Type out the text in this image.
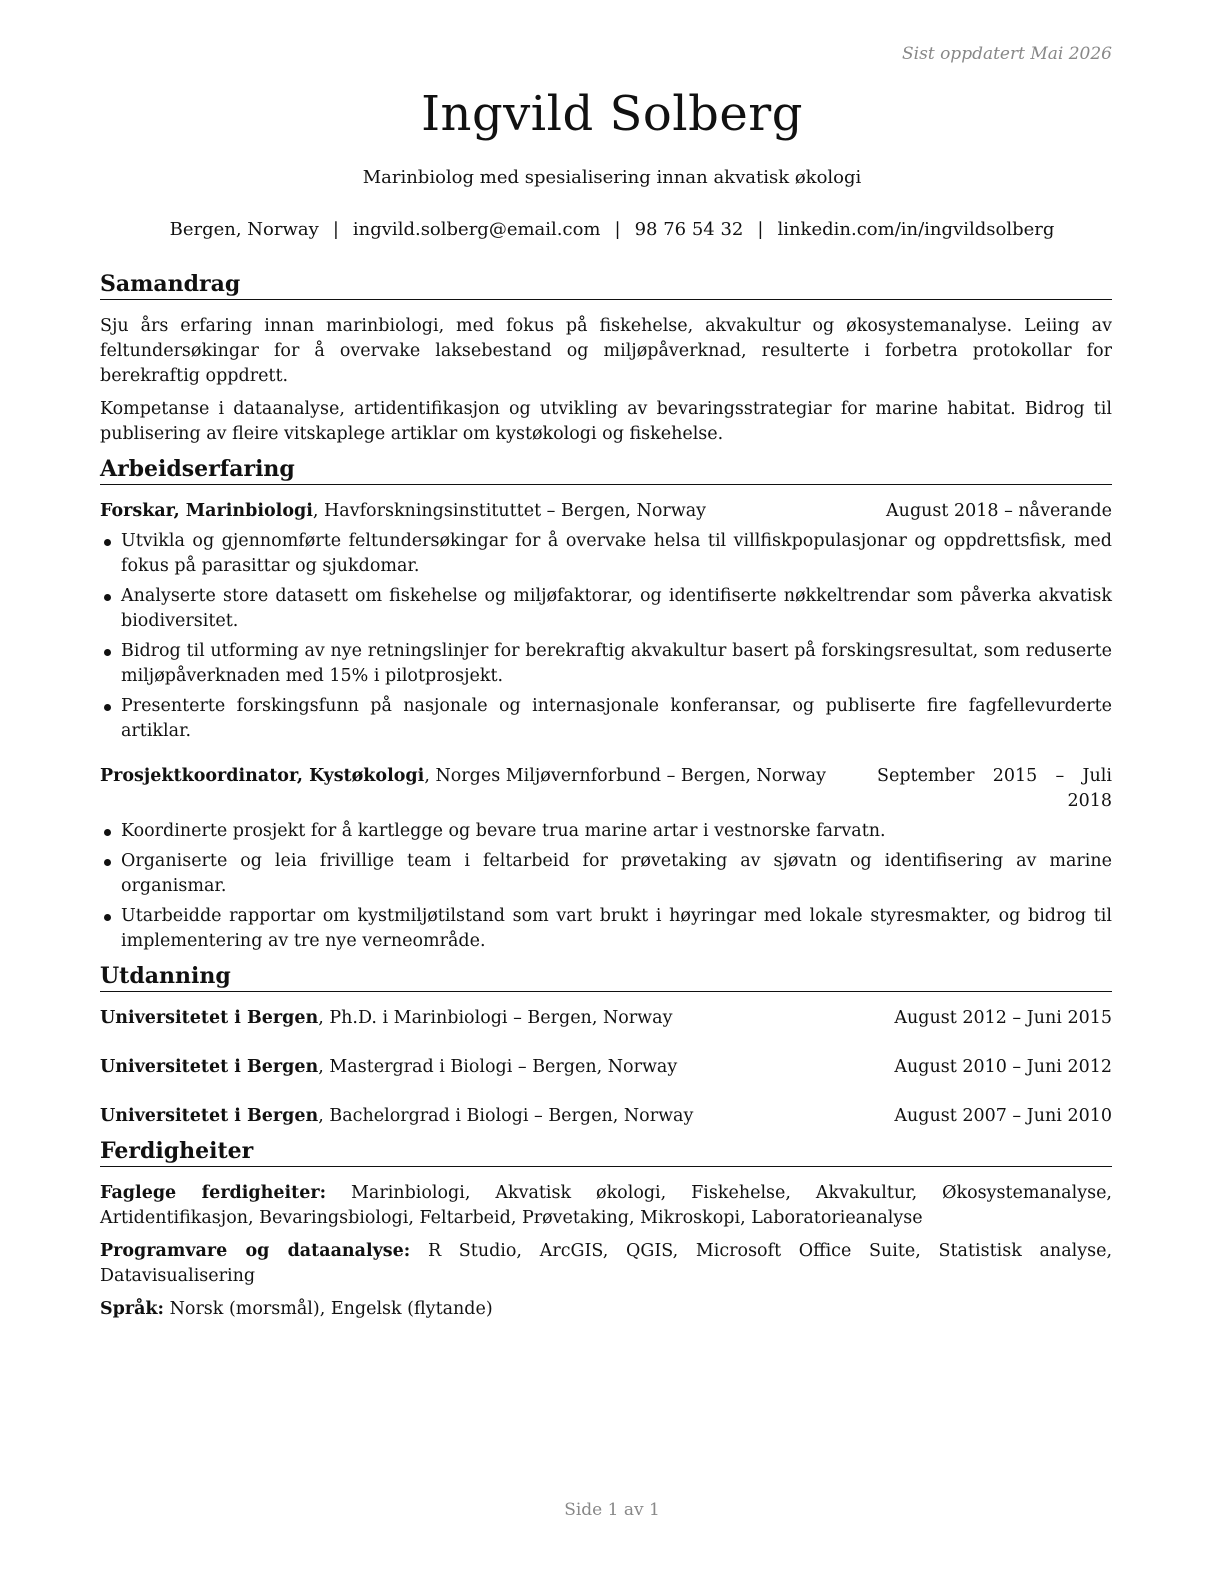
Sist oppdatert Mai 2026
Ingvild Solberg
Marinbiolog med spesialisering innan akvatisk økologi
Bergen, Norway | ingvild.solberg@email.com | 98 76 54 32 | linkedin.com/in/ingvildsolberg
Samandrag

Sju års erfaring innan marinbiologi, med fokus på fiskehelse, akvakultur og økosystemanalyse. Leiing av feltundersøkingar for å overvake laksebestand og miljøpåverknad, resulterte i forbetra protokollar for berekraftig oppdrett.

Kompetanse i dataanalyse, artidentifikasjon og utvikling av bevaringsstrategiar for marine habitat. Bidrog til publisering av fleire vitskaplege artiklar om kystøkologi og fiskehelse.

Arbeidserfaring
Forskar, Marinbiologi, Havforskningsinstituttet – Bergen, Norway	August 2018 – nåverande
Utvikla og gjennomførte feltundersøkingar for å overvake helsa til villfiskpopulasjonar og oppdrettsfisk, med fokus på parasittar og sjukdomar.
Analyserte store datasett om fiskehelse og miljøfaktorar, og identifiserte nøkkeltrendar som påverka akvatisk biodiversitet.
Bidrog til utforming av nye retningslinjer for berekraftig akvakultur basert på forskingsresultat, som reduserte miljøpåverknaden med 15% i pilotprosjekt.
Presenterte forskingsfunn på nasjonale og internasjonale konferansar, og publiserte fire fagfellevurderte artiklar.
Prosjektkoordinator, Kystøkologi, Norges Miljøvernforbund – Bergen, Norway	September 2015 – Juli 2018
Koordinerte prosjekt for å kartlegge og bevare trua marine artar i vestnorske farvatn.
Organiserte og leia frivillige team i feltarbeid for prøvetaking av sjøvatn og identifisering av marine organismar.
Utarbeidde rapportar om kystmiljøtilstand som vart brukt i høyringar med lokale styresmakter, og bidrog til implementering av tre nye verneområde.
Utdanning
Universitetet i Bergen, Ph.D. i Marinbiologi – Bergen, Norway	August 2012 – Juni 2015
Universitetet i Bergen, Mastergrad i Biologi – Bergen, Norway	August 2010 – Juni 2012
Universitetet i Bergen, Bachelorgrad i Biologi – Bergen, Norway	August 2007 – Juni 2010
Ferdigheiter
Faglege ferdigheiter: Marinbiologi, Akvatisk økologi, Fiskehelse, Akvakultur, Økosystemanalyse, Artidentifikasjon, Bevaringsbiologi, Feltarbeid, Prøvetaking, Mikroskopi, Laboratorieanalyse
Programvare og dataanalyse: R Studio, ArcGIS, QGIS, Microsoft Office Suite, Statistisk analyse, Datavisualisering
Språk: Norsk (morsmål), Engelsk (flytande)
Side 1 av 1
